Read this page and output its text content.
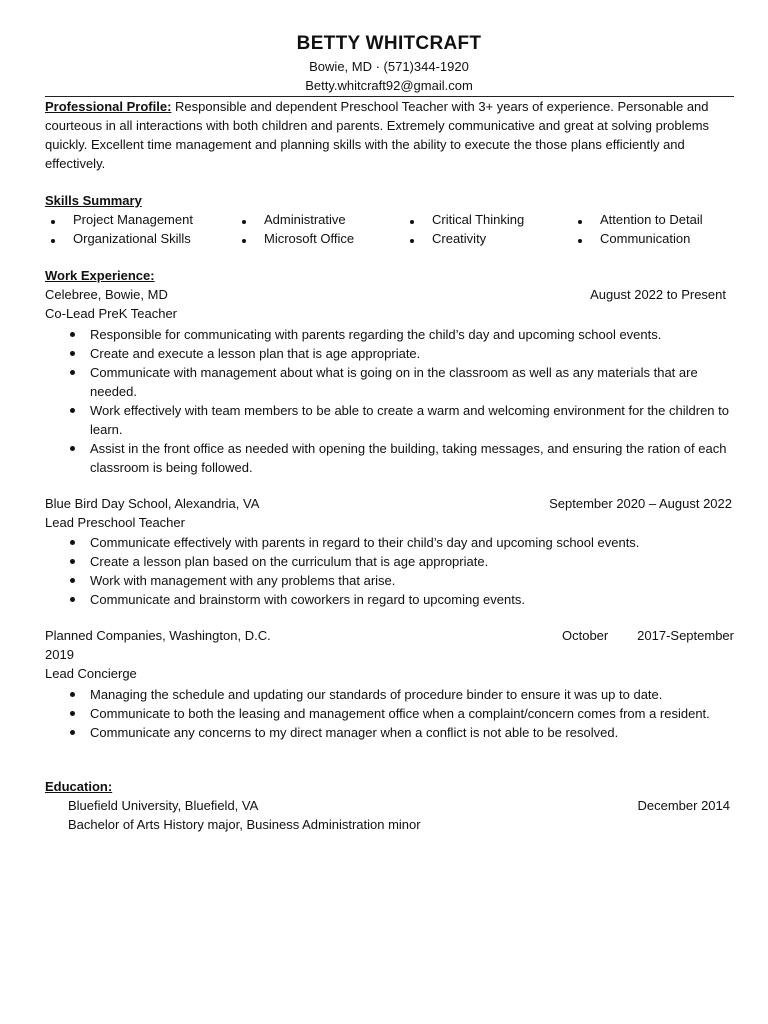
BETTY WHITCRAFT
Bowie, MD · (571)344-1920
Betty.whitcraft92@gmail.com
Professional Profile: Responsible and dependent Preschool Teacher with 3+ years of experience. Personable and courteous in all interactions with both children and parents. Extremely communicative and great at solving problems quickly. Excellent time management and planning skills with the ability to execute the those plans efficiently and effectively.
Skills Summary
Project Management	Administrative	Critical Thinking	Attention to Detail
Organizational Skills	Microsoft Office	Creativity	Communication
Work Experience:
Celebree, Bowie, MD	August 2022 to Present
Co-Lead PreK Teacher
Responsible for communicating with parents regarding the child’s day and upcoming school events.
Create and execute a lesson plan that is age appropriate.
Communicate with management about what is going on in the classroom as well as any materials that are needed.
Work effectively with team members to be able to create a warm and welcoming environment for the children to learn.
Assist in the front office as needed with opening the building, taking messages, and ensuring the ration of each classroom is being followed.
Blue Bird Day School, Alexandria, VA	September 2020 – August 2022
Lead Preschool Teacher
Communicate effectively with parents in regard to their child’s day and upcoming school events.
Create a lesson plan based on the curriculum that is age appropriate.
Work with management with any problems that arise.
Communicate and brainstorm with coworkers in regard to upcoming events.
Planned Companies, Washington, D.C.	October 2017-September
2019
Lead Concierge
Managing the schedule and updating our standards of procedure binder to ensure it was up to date.
Communicate to both the leasing and management office when a complaint/concern comes from a resident.
Communicate any concerns to my direct manager when a conflict is not able to be resolved.
Education:
Bluefield University, Bluefield, VA	December 2014
Bachelor of Arts History major, Business Administration minor
